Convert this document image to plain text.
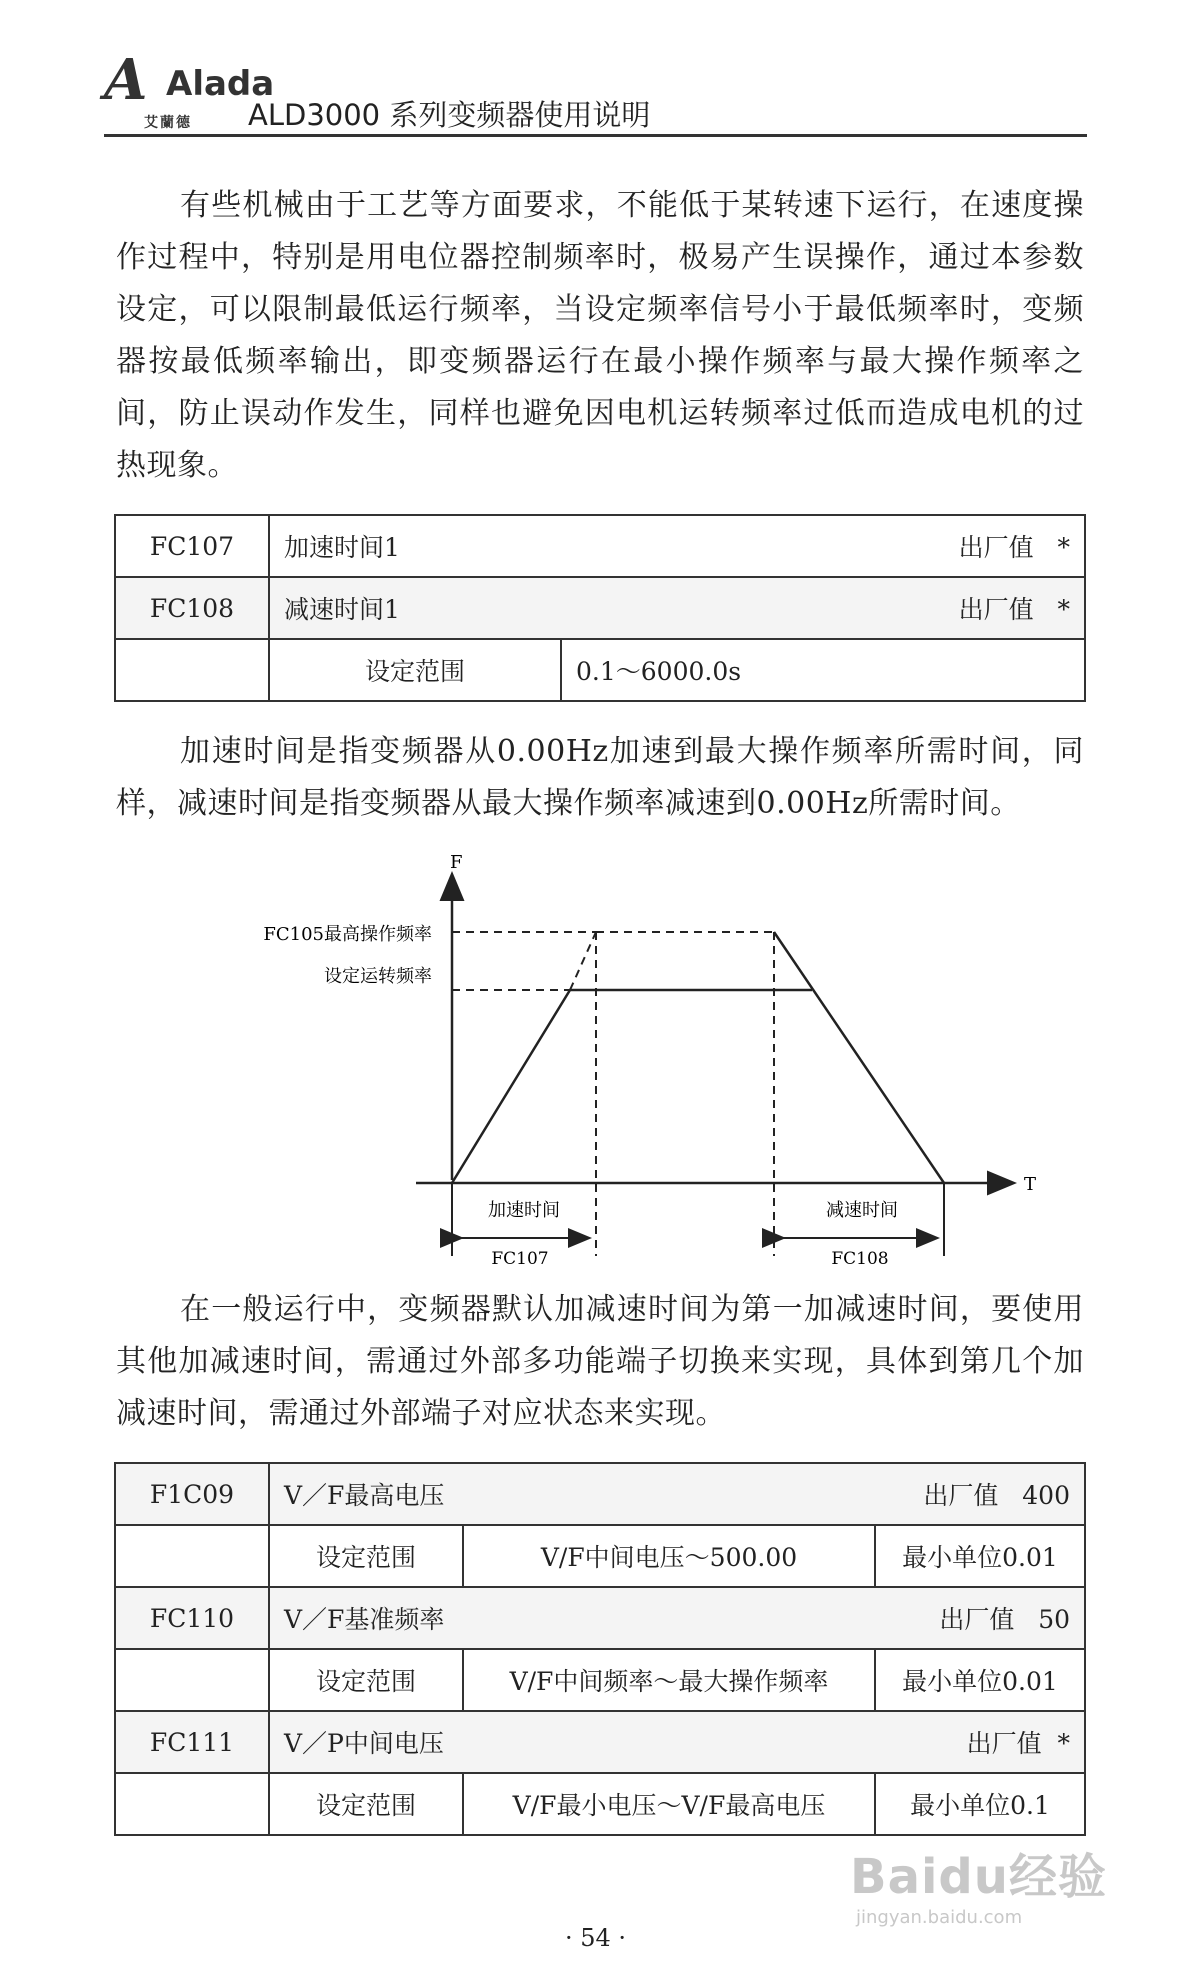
A Alada
艾蘭德 ALD3000 系列变频器使用说明

有些机械由于工艺等方面要求，不能低于某转速下运行，在速度操作过程中，特别是用电位器控制频率时，极易产生误操作，通过本参数设定，可以限制最低运行频率，当设定频率信号小于最低频率时，变频器按最低频率输出，即变频器运行在最小操作频率与最大操作频率之间，防止误动作发生，同样也避免因电机运转频率过低而造成电机的过热现象。

FC107	加速时间1 出厂值 *	

FC108	减速时间1 出厂值 *	

	设定范围	0.1～6000.0s

加速时间是指变频器从0.00Hz加速到最大操作频率所需时间，同样，减速时间是指变频器从最大操作频率减速到0.00Hz所需时间。

F
T
FC105最高操作频率
设定运转频率
加速时间
FC107
减速时间
FC108

在一般运行中，变频器默认加减速时间为第一加减速时间，要使用其他加减速时间，需通过外部多功能端子切换来实现，具体到第几个加减速时间，需通过外部端子对应状态来实现。

F1C09	V／F最高电压 出厂值 400		

	设定范围	V/F中间电压～500.00	最小单位0.01
FC110	V／F基准频率 出厂值 50		

	设定范围	V/F中间频率～最大操作频率	最小单位0.01
FC111	V／P中间电压 出厂值 *		

	设定范围	V/F最小电压～V/F最高电压	最小单位0.1
Baidu经验
jingyan.baidu.com
· 54 ·
